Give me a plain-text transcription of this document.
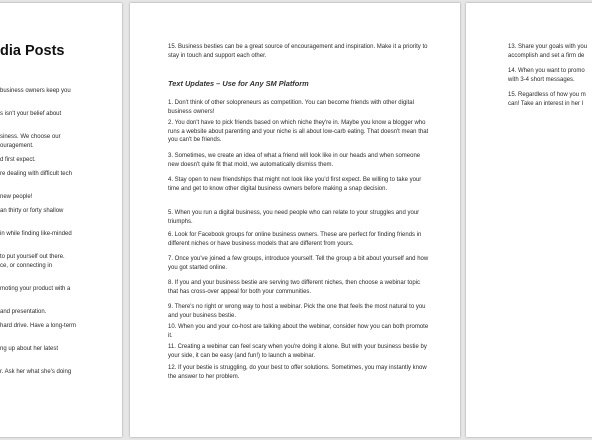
dia Posts

business owners keep you

s isn't your belief about

siness. We choose our

ouragement.

d first expect.

re dealing with difficult tech

new people!

an thirty or forty shallow

in while finding like-minded

to put yourself out there.

ce, or connecting in

moting your product with a

and presentation.

hard drive. Have a long-term

ng up about her latest

r. Ask her what she's doing

15. Business besties can be a great source of encouragement and inspiration. Make it a priority to stay in touch and support each other.

Text Updates – Use for Any SM Platform

1. Don't think of other solopreneurs as competition. You can become friends with other digital business owners!

2. You don't have to pick friends based on which niche they're in. Maybe you know a blogger who runs a website about parenting and your niche is all about low-carb eating. That doesn't mean that you can't be friends.

3. Sometimes, we create an idea of what a friend will look like in our heads and when someone new doesn't quite fit that mold, we automatically dismiss them.

4. Stay open to new friendships that might not look like you'd first expect. Be willing to take your time and get to know other digital business owners before making a snap decision.

5. When you run a digital business, you need people who can relate to your struggles and your triumphs.

6. Look for Facebook groups for online business owners. These are perfect for finding friends in different niches or have business models that are different from yours.

7. Once you've joined a few groups, introduce yourself. Tell the group a bit about yourself and how you got started online.

8. If you and your business bestie are serving two different niches, then choose a webinar topic that has cross-over appeal for both your communities.

9. There's no right or wrong way to host a webinar. Pick the one that feels the most natural to you and your business bestie.

10. When you and your co-host are talking about the webinar, consider how you can both promote it.

11. Creating a webinar can feel scary when you're doing it alone. But with your business bestie by your side, it can be easy (and fun!) to launch a webinar.

12. If your bestie is struggling, do your best to offer solutions. Sometimes, you may instantly know the answer to her problem.

13. Share your goals with you

accomplish and set a firm de

14. When you want to promo

with 3-4 short messages.

15. Regardless of how you m

can! Take an interest in her l
